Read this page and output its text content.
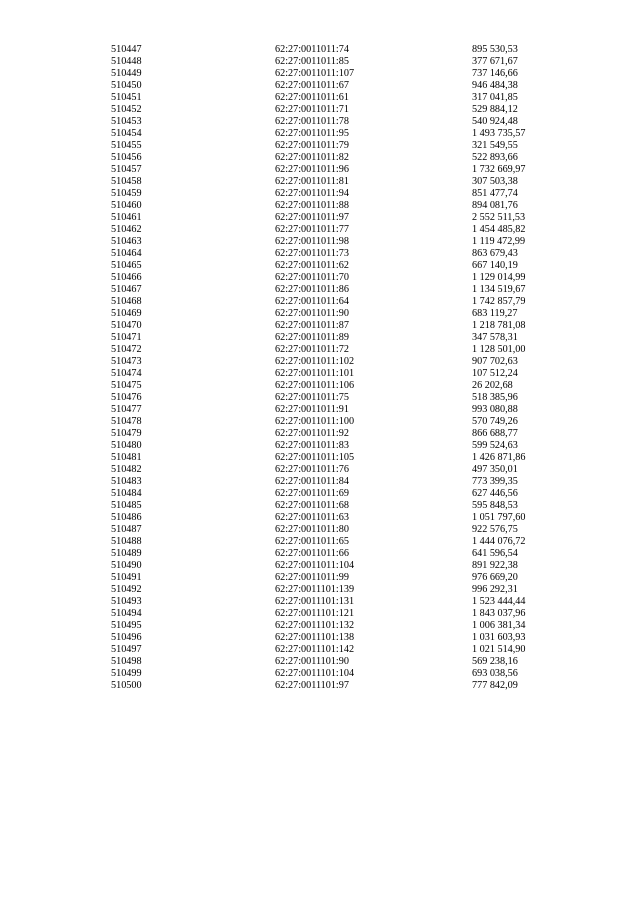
510447	62:27:0011011:74	895 530,53
510448	62:27:0011011:85	377 671,67
510449	62:27:0011011:107	737 146,66
510450	62:27:0011011:67	946 484,38
510451	62:27:0011011:61	317 041,85
510452	62:27:0011011:71	529 884,12
510453	62:27:0011011:78	540 924,48
510454	62:27:0011011:95	1 493 735,57
510455	62:27:0011011:79	321 549,55
510456	62:27:0011011:82	522 893,66
510457	62:27:0011011:96	1 732 669,97
510458	62:27:0011011:81	307 503,38
510459	62:27:0011011:94	851 477,74
510460	62:27:0011011:88	894 081,76
510461	62:27:0011011:97	2 552 511,53
510462	62:27:0011011:77	1 454 485,82
510463	62:27:0011011:98	1 119 472,99
510464	62:27:0011011:73	863 679,43
510465	62:27:0011011:62	667 140,19
510466	62:27:0011011:70	1 129 014,99
510467	62:27:0011011:86	1 134 519,67
510468	62:27:0011011:64	1 742 857,79
510469	62:27:0011011:90	683 119,27
510470	62:27:0011011:87	1 218 781,08
510471	62:27:0011011:89	347 578,31
510472	62:27:0011011:72	1 128 501,00
510473	62:27:0011011:102	907 702,63
510474	62:27:0011011:101	107 512,24
510475	62:27:0011011:106	26 202,68
510476	62:27:0011011:75	518 385,96
510477	62:27:0011011:91	993 080,88
510478	62:27:0011011:100	570 749,26
510479	62:27:0011011:92	866 688,77
510480	62:27:0011011:83	599 524,63
510481	62:27:0011011:105	1 426 871,86
510482	62:27:0011011:76	497 350,01
510483	62:27:0011011:84	773 399,35
510484	62:27:0011011:69	627 446,56
510485	62:27:0011011:68	595 848,53
510486	62:27:0011011:63	1 051 797,60
510487	62:27:0011011:80	922 576,75
510488	62:27:0011011:65	1 444 076,72
510489	62:27:0011011:66	641 596,54
510490	62:27:0011011:104	891 922,38
510491	62:27:0011011:99	976 669,20
510492	62:27:0011101:139	996 292,31
510493	62:27:0011101:131	1 523 444,44
510494	62:27:0011101:121	1 843 037,96
510495	62:27:0011101:132	1 006 381,34
510496	62:27:0011101:138	1 031 603,93
510497	62:27:0011101:142	1 021 514,90
510498	62:27:0011101:90	569 238,16
510499	62:27:0011101:104	693 038,56
510500	62:27:0011101:97	777 842,09
